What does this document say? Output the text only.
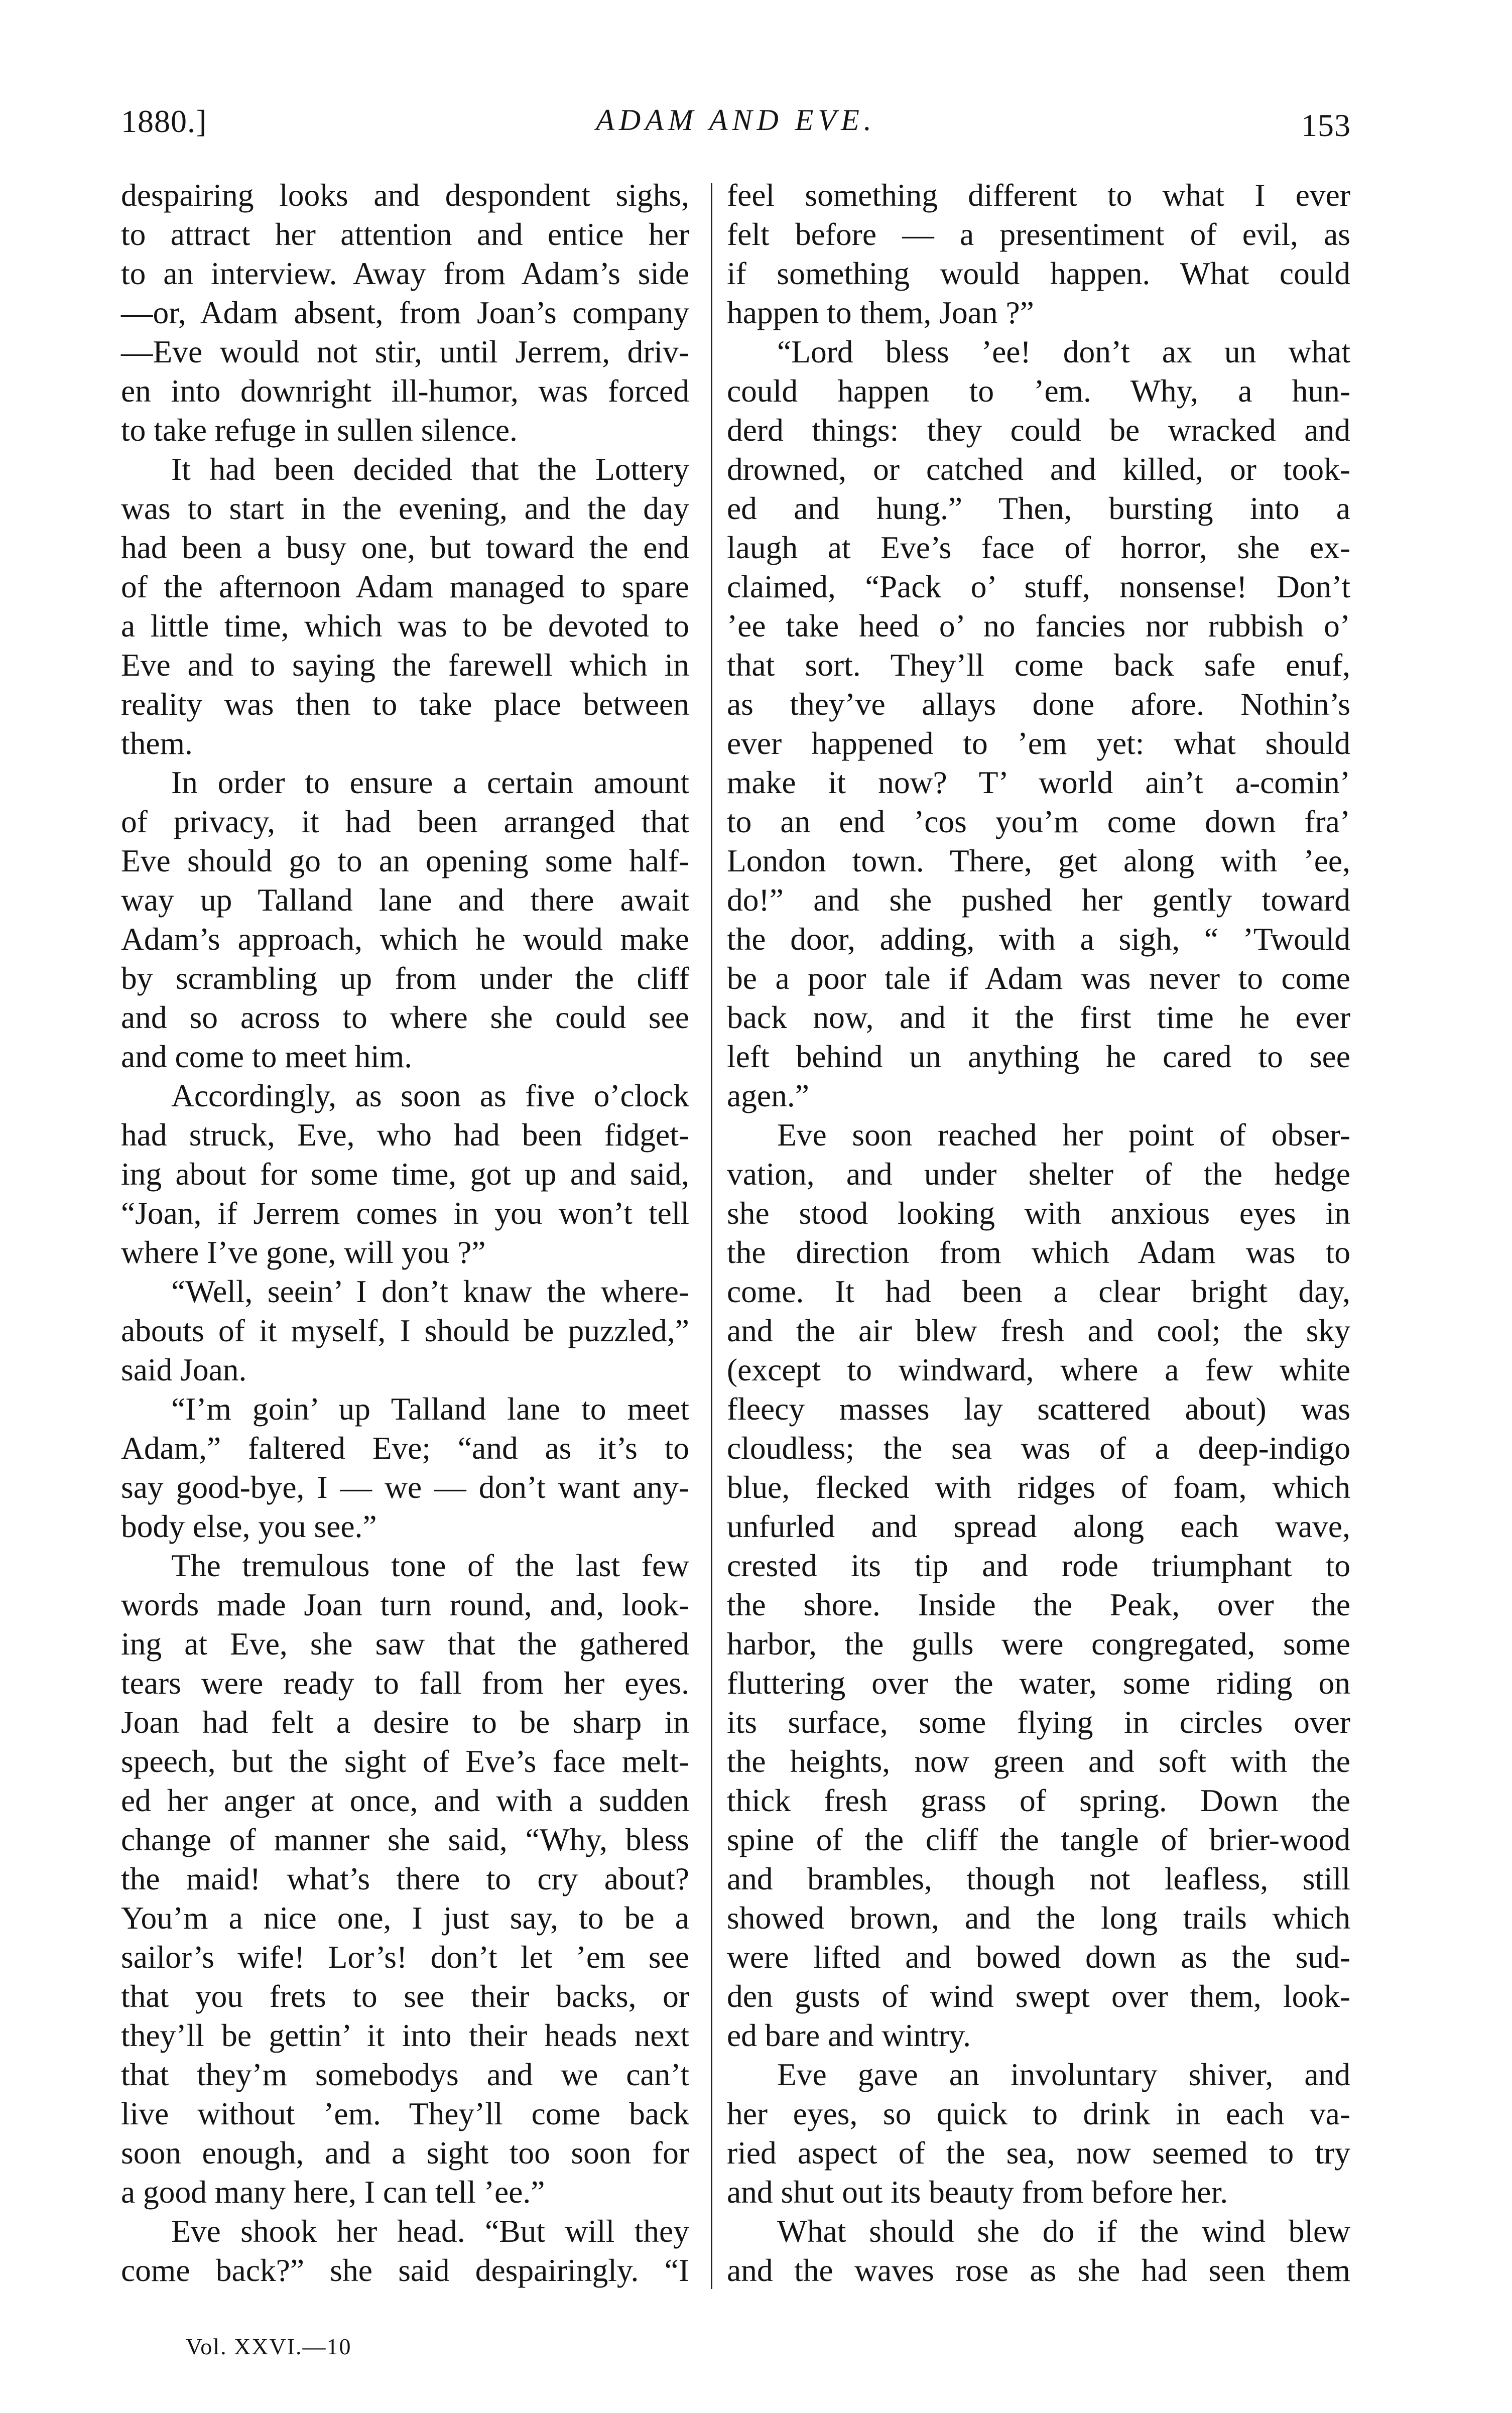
1880.]	ADAM AND EVE.	153
despairing looks and despondent sighs,
to attract her attention and entice her
to an interview. Away from Adam’s side
—or, Adam absent, from Joan’s company
—Eve would not stir, until Jerrem, driv-
en into downright ill-humor, was forced
to take refuge in sullen silence.
It had been decided that the Lottery
was to start in the evening, and the day
had been a busy one, but toward the end
of the afternoon Adam managed to spare
a little time, which was to be devoted to
Eve and to saying the farewell which in
reality was then to take place between
them.
In order to ensure a certain amount
of privacy, it had been arranged that
Eve should go to an opening some half-
way up Talland lane and there await
Adam’s approach, which he would make
by scrambling up from under the cliff
and so across to where she could see
and come to meet him.
Accordingly, as soon as five o’clock
had struck, Eve, who had been fidget-
ing about for some time, got up and said,
“Joan, if Jerrem comes in you won’t tell
where I’ve gone, will you ?”
“Well, seein’ I don’t knaw the where-
abouts of it myself, I should be puzzled,”
said Joan.
“I’m goin’ up Talland lane to meet
Adam,” faltered Eve; “and as it’s to
say good-bye, I — we — don’t want any-
body else, you see.”
The tremulous tone of the last few
words made Joan turn round, and, look-
ing at Eve, she saw that the gathered
tears were ready to fall from her eyes.
Joan had felt a desire to be sharp in
speech, but the sight of Eve’s face melt-
ed her anger at once, and with a sudden
change of manner she said, “Why, bless
the maid! what’s there to cry about?
You’m a nice one, I just say, to be a
sailor’s wife! Lor’s! don’t let ’em see
that you frets to see their backs, or
they’ll be gettin’ it into their heads next
that they’m somebodys and we can’t
live without ’em. They’ll come back
soon enough, and a sight too soon for
a good many here, I can tell ’ee.”
Eve shook her head. “But will they
come back?” she said despairingly. “I
feel something different to what I ever
felt before — a presentiment of evil, as
if something would happen. What could
happen to them, Joan ?”
“Lord bless ’ee! don’t ax un what
could happen to ’em. Why, a hun-
derd things: they could be wracked and
drowned, or catched and killed, or took-
ed and hung.” Then, bursting into a
laugh at Eve’s face of horror, she ex-
claimed, “Pack o’ stuff, nonsense! Don’t
’ee take heed o’ no fancies nor rubbish o’
that sort. They’ll come back safe enuf,
as they’ve allays done afore. Nothin’s
ever happened to ’em yet: what should
make it now? T’ world ain’t a-comin’
to an end ’cos you’m come down fra’
London town. There, get along with ’ee,
do!” and she pushed her gently toward
the door, adding, with a sigh, “ ’Twould
be a poor tale if Adam was never to come
back now, and it the first time he ever
left behind un anything he cared to see
agen.”
Eve soon reached her point of obser-
vation, and under shelter of the hedge
she stood looking with anxious eyes in
the direction from which Adam was to
come. It had been a clear bright day,
and the air blew fresh and cool; the sky
(except to windward, where a few white
fleecy masses lay scattered about) was
cloudless; the sea was of a deep-indigo
blue, flecked with ridges of foam, which
unfurled and spread along each wave,
crested its tip and rode triumphant to
the shore. Inside the Peak, over the
harbor, the gulls were congregated, some
fluttering over the water, some riding on
its surface, some flying in circles over
the heights, now green and soft with the
thick fresh grass of spring. Down the
spine of the cliff the tangle of brier-wood
and brambles, though not leafless, still
showed brown, and the long trails which
were lifted and bowed down as the sud-
den gusts of wind swept over them, look-
ed bare and wintry.
Eve gave an involuntary shiver, and
her eyes, so quick to drink in each va-
ried aspect of the sea, now seemed to try
and shut out its beauty from before her.
What should she do if the wind blew
and the waves rose as she had seen them
Vol. XXVI.—10
